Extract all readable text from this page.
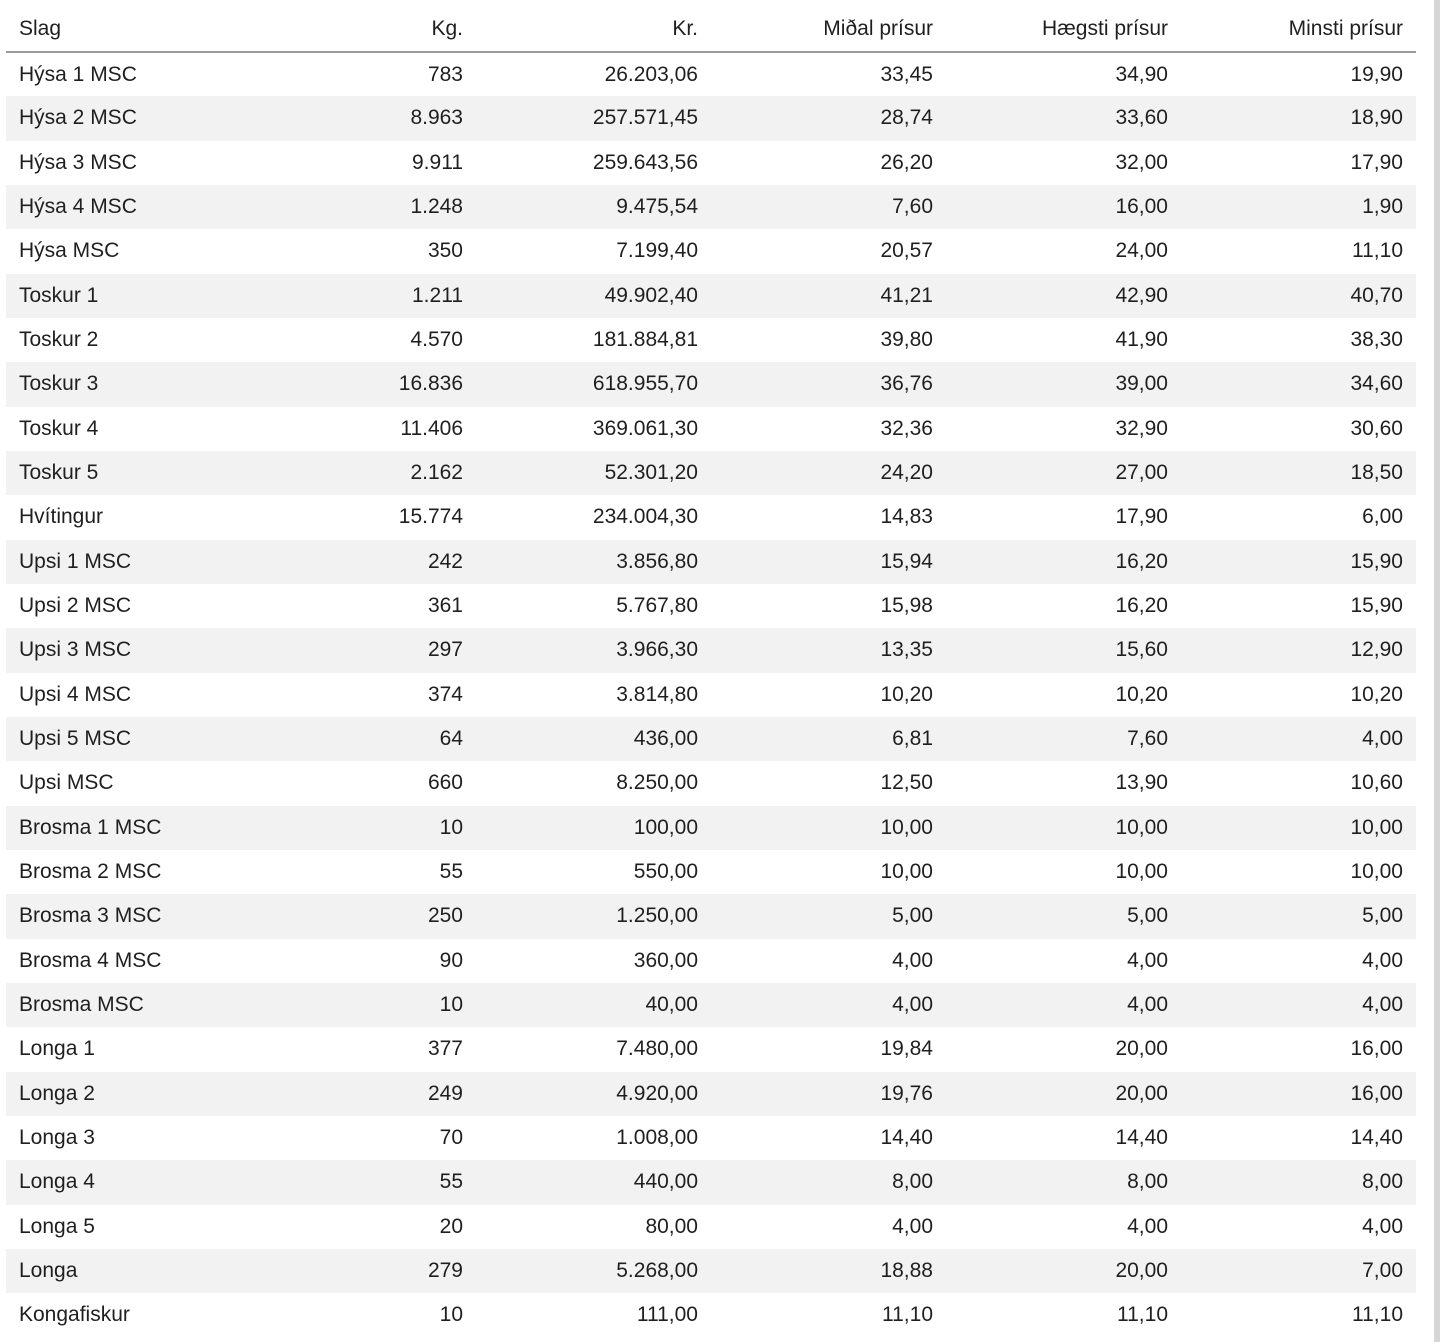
Slag	Kg.	Kr.	Miðal prísur	Hægsti prísur	Minsti prísur
Hýsa 1 MSC	783	26.203,06	33,45	34,90	19,90
Hýsa 2 MSC	8.963	257.571,45	28,74	33,60	18,90
Hýsa 3 MSC	9.911	259.643,56	26,20	32,00	17,90
Hýsa 4 MSC	1.248	9.475,54	7,60	16,00	1,90
Hýsa MSC	350	7.199,40	20,57	24,00	11,10
Toskur 1	1.211	49.902,40	41,21	42,90	40,70
Toskur 2	4.570	181.884,81	39,80	41,90	38,30
Toskur 3	16.836	618.955,70	36,76	39,00	34,60
Toskur 4	11.406	369.061,30	32,36	32,90	30,60
Toskur 5	2.162	52.301,20	24,20	27,00	18,50
Hvítingur	15.774	234.004,30	14,83	17,90	6,00
Upsi 1 MSC	242	3.856,80	15,94	16,20	15,90
Upsi 2 MSC	361	5.767,80	15,98	16,20	15,90
Upsi 3 MSC	297	3.966,30	13,35	15,60	12,90
Upsi 4 MSC	374	3.814,80	10,20	10,20	10,20
Upsi 5 MSC	64	436,00	6,81	7,60	4,00
Upsi MSC	660	8.250,00	12,50	13,90	10,60
Brosma 1 MSC	10	100,00	10,00	10,00	10,00
Brosma 2 MSC	55	550,00	10,00	10,00	10,00
Brosma 3 MSC	250	1.250,00	5,00	5,00	5,00
Brosma 4 MSC	90	360,00	4,00	4,00	4,00
Brosma MSC	10	40,00	4,00	4,00	4,00
Longa 1	377	7.480,00	19,84	20,00	16,00
Longa 2	249	4.920,00	19,76	20,00	16,00
Longa 3	70	1.008,00	14,40	14,40	14,40
Longa 4	55	440,00	8,00	8,00	8,00
Longa 5	20	80,00	4,00	4,00	4,00
Longa	279	5.268,00	18,88	20,00	7,00
Kongafiskur	10	111,00	11,10	11,10	11,10
